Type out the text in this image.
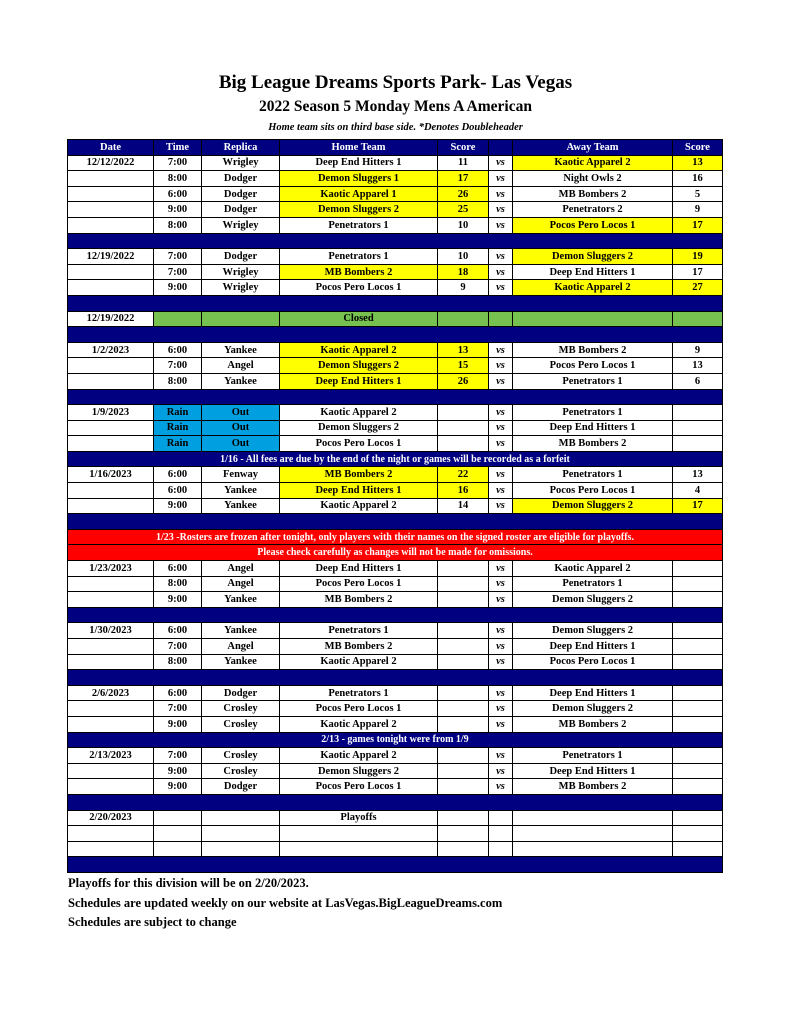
Big League Dreams Sports Park- Las Vegas
2022 Season 5 Monday Mens A American
Home team sits on third base side. *Denotes Doubleheader
Date	Time	Replica	Home Team	Score		Away Team	Score
12/12/2022	7:00	Wrigley	Deep End Hitters 1	11	vs	Kaotic Apparel 2	13
	8:00	Dodger	Demon Sluggers 1	17	vs	Night Owls 2	16
	6:00	Dodger	Kaotic Apparel 1	26	vs	MB Bombers 2	5
	9:00	Dodger	Demon Sluggers 2	25	vs	Penetrators 2	9
	8:00	Wrigley	Penetrators 1	10	vs	Pocos Pero Locos 1	17

12/19/2022	7:00	Dodger	Penetrators 1	10	vs	Demon Sluggers 2	19
	7:00	Wrigley	MB Bombers 2	18	vs	Deep End Hitters 1	17
	9:00	Wrigley	Pocos Pero Locos 1	9	vs	Kaotic Apparel 2	27

12/19/2022			Closed				

1/2/2023	6:00	Yankee	Kaotic Apparel 2	13	vs	MB Bombers 2	9
	7:00	Angel	Demon Sluggers 2	15	vs	Pocos Pero Locos 1	13
	8:00	Yankee	Deep End Hitters 1	26	vs	Penetrators 1	6

1/9/2023	Rain	Out	Kaotic Apparel 2		vs	Penetrators 1	
	Rain	Out	Demon Sluggers 2		vs	Deep End Hitters 1	
	Rain	Out	Pocos Pero Locos 1		vs	MB Bombers 2	
1/16 - All fees are due by the end of the night or games will be recorded as a forfeit							
1/16/2023	6:00	Fenway	MB Bombers 2	22	vs	Penetrators 1	13
	6:00	Yankee	Deep End Hitters 1	16	vs	Pocos Pero Locos 1	4
	9:00	Yankee	Kaotic Apparel 2	14	vs	Demon Sluggers 2	17

1/23 -Rosters are frozen after tonight, only players with their names on the signed roster are eligible for playoffs.							
Please check carefully as changes will not be made for omissions.							
1/23/2023	6:00	Angel	Deep End Hitters 1		vs	Kaotic Apparel 2	
	8:00	Angel	Pocos Pero Locos 1		vs	Penetrators 1	
	9:00	Yankee	MB Bombers 2		vs	Demon Sluggers 2	

1/30/2023	6:00	Yankee	Penetrators 1		vs	Demon Sluggers 2	
	7:00	Angel	MB Bombers 2		vs	Deep End Hitters 1	
	8:00	Yankee	Kaotic Apparel 2		vs	Pocos Pero Locos 1	

2/6/2023	6:00	Dodger	Penetrators 1		vs	Deep End Hitters 1	
	7:00	Crosley	Pocos Pero Locos 1		vs	Demon Sluggers 2	
	9:00	Crosley	Kaotic Apparel 2		vs	MB Bombers 2	
2/13 - games tonight were from 1/9							
2/13/2023	7:00	Crosley	Kaotic Apparel 2		vs	Penetrators 1	
	9:00	Crosley	Demon Sluggers 2		vs	Deep End Hitters 1	
	9:00	Dodger	Pocos Pero Locos 1		vs	MB Bombers 2	

2/20/2023			Playoffs				

Playoffs for this division will be on 2/20/2023.
Schedules are updated weekly on our website at LasVegas.BigLeagueDreams.com
Schedules are subject to change
